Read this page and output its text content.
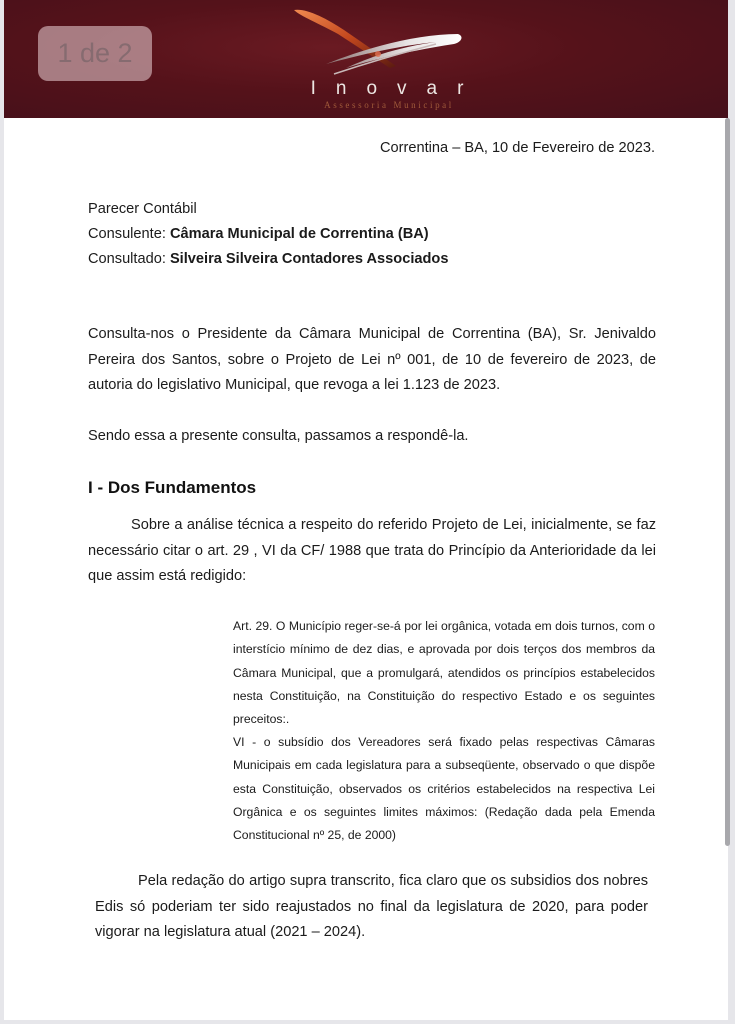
Inovar
Assessoria Municipal
1 de 2
Correntina – BA, 10 de Fevereiro de 2023.
Parecer Contábil
Consulente: Câmara Municipal de Correntina (BA)
Consultado: Silveira Silveira Contadores Associados
Consulta-nos o Presidente da Câmara Municipal de Correntina (BA), Sr. Jenivaldo Pereira dos Santos, sobre o Projeto de Lei nº 001, de 10 de fevereiro de 2023, de autoria do legislativo Municipal, que revoga a lei 1.123 de 2023.
Sendo essa a presente consulta, passamos a respondê-la.
I - Dos Fundamentos
Sobre a análise técnica a respeito do referido Projeto de Lei, inicialmente, se faz necessário citar o art. 29 , VI da CF/ 1988 que trata do Princípio da Anterioridade da lei que assim está redigido:
Art. 29. O Município reger-se-á por lei orgânica, votada em dois turnos, com o interstício mínimo de dez dias, e aprovada por dois terços dos membros da Câmara Municipal, que a promulgará, atendidos os princípios estabelecidos nesta Constituição, na Constituição do respectivo Estado e os seguintes preceitos:.
VI - o subsídio dos Vereadores será fixado pelas respectivas Câmaras Municipais em cada legislatura para a subseqüente, observado o que dispõe esta Constituição, observados os critérios estabelecidos na respectiva Lei Orgânica e os seguintes limites máximos: (Redação dada pela Emenda Constitucional nº 25, de 2000)
Pela redação do artigo supra transcrito, fica claro que os subsidios dos nobres Edis só poderiam ter sido reajustados no final da legislatura de 2020, para poder vigorar na legislatura atual (2021 – 2024).
